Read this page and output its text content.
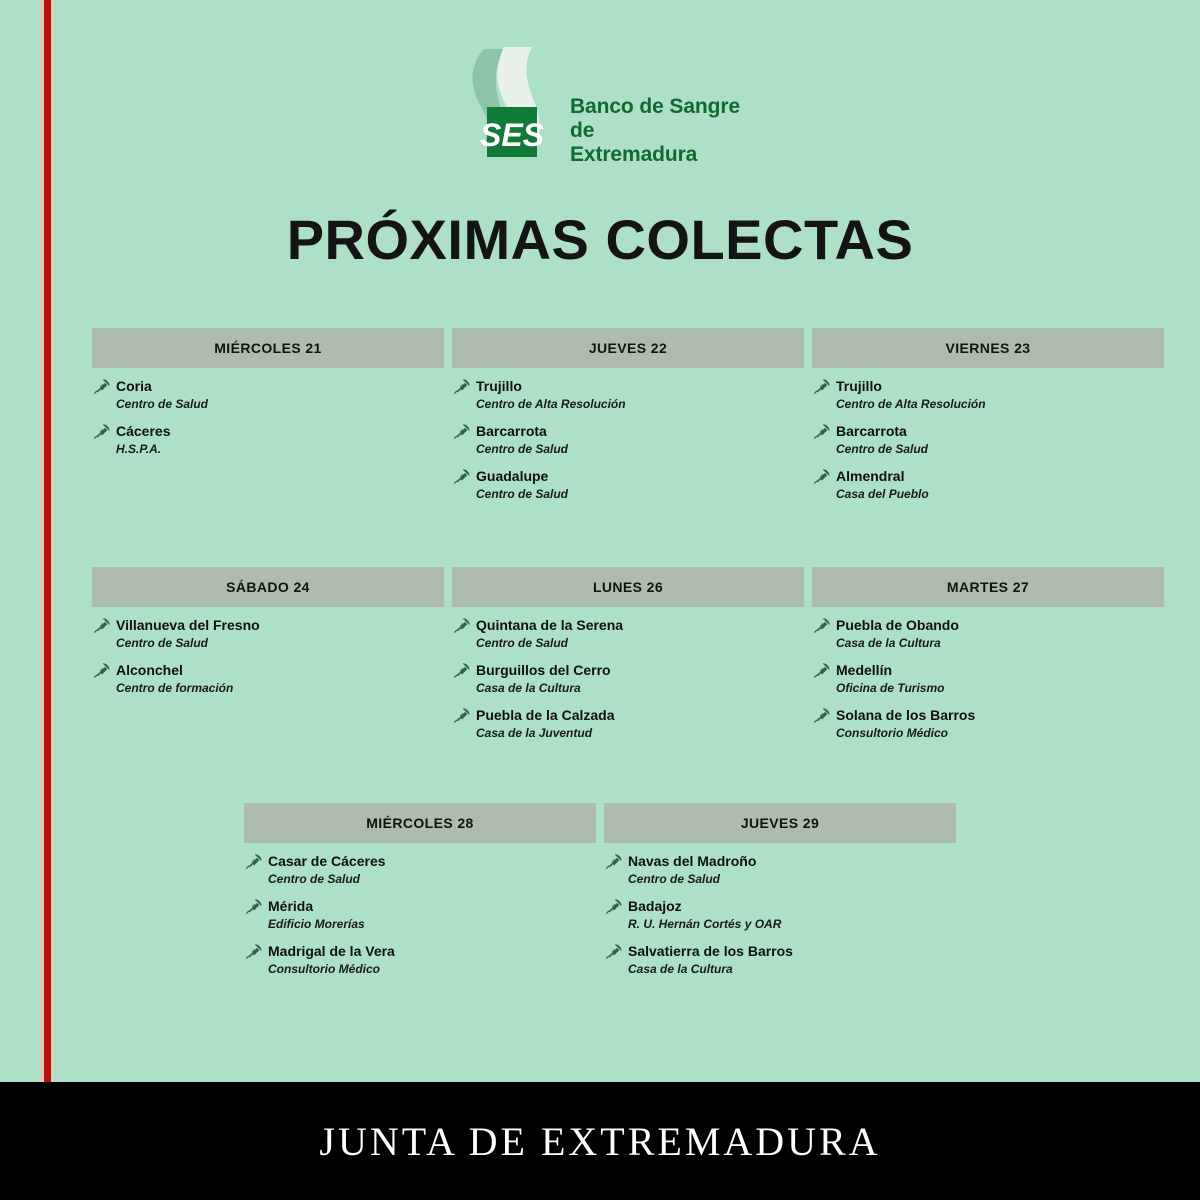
SES
Banco de Sangre
de
Extremadura
PRÓXIMAS COLECTAS
MIÉRCOLES 21
Coria
Centro de Salud
Cáceres
H.S.P.A.
JUEVES 22
Trujillo
Centro de Alta Resolución
Barcarrota
Centro de Salud
Guadalupe
Centro de Salud
VIERNES 23
Trujillo
Centro de Alta Resolución
Barcarrota
Centro de Salud
Almendral
Casa del Pueblo
SÁBADO 24
Villanueva del Fresno
Centro de Salud
Alconchel
Centro de formación
LUNES 26
Quintana de la Serena
Centro de Salud
Burguillos del Cerro
Casa de la Cultura
Puebla de la Calzada
Casa de la Juventud
MARTES 27
Puebla de Obando
Casa de la Cultura
Medellín
Oficina de Turismo
Solana de los Barros
Consultorio Médico
MIÉRCOLES 28
Casar de Cáceres
Centro de Salud
Mérida
Edificio Morerías
Madrigal de la Vera
Consultorio Médico
JUEVES 29
Navas del Madroño
Centro de Salud
Badajoz
R. U. Hernán Cortés y OAR
Salvatierra de los Barros
Casa de la Cultura
JUNTA DE EXTREMADURA
